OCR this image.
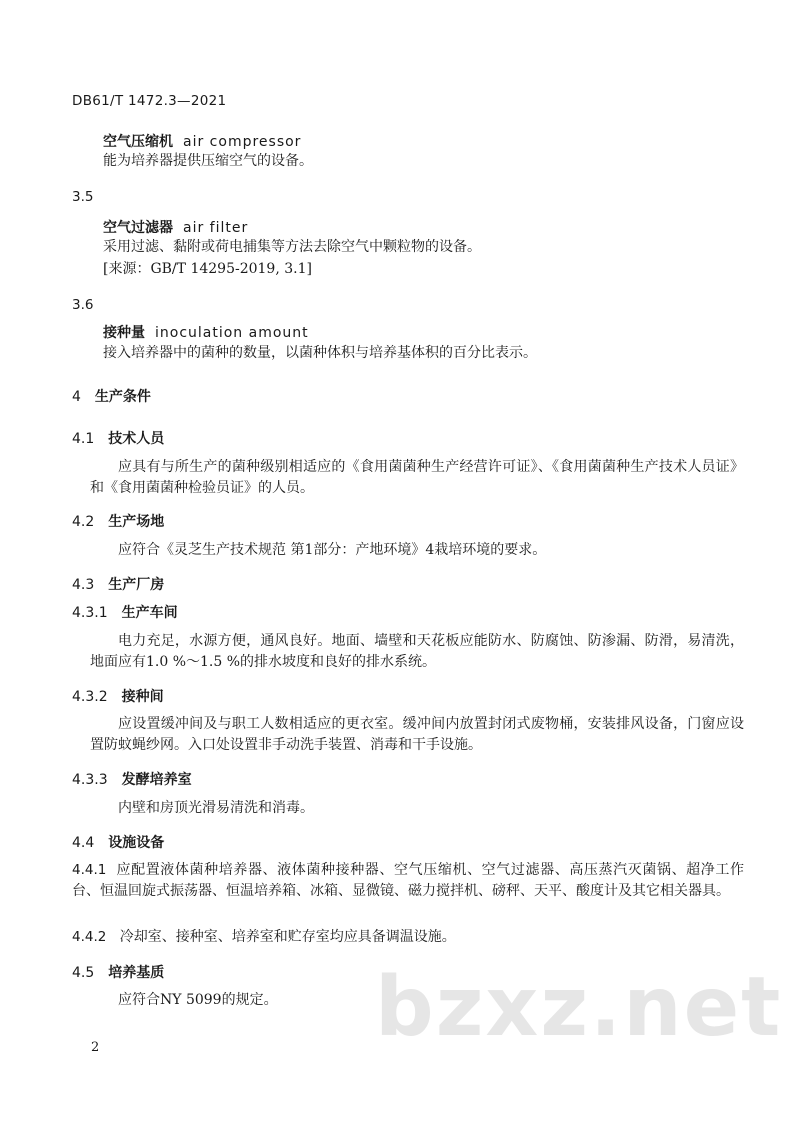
DB61/T 1472.3—2021
空气压缩机 air compressor
能为培养器提供压缩空气的设备。
3.5
空气过滤器 air filter
采用过滤、黏附或荷电捕集等方法去除空气中颗粒物的设备。
[来源：GB/T 14295-2019, 3.1]
3.6
接种量 inoculation amount
接入培养器中的菌种的数量，以菌种体积与培养基体积的百分比表示。
4 生产条件
4.1 技术人员
应具有与所生产的菌种级别相适应的《食用菌菌种生产经营许可证》、《食用菌菌种生产技术人员证》和《食用菌菌种检验员证》的人员。
4.2 生产场地
应符合《灵芝生产技术规范 第1部分：产地环境》4栽培环境的要求。
4.3 生产厂房
4.3.1 生产车间
电力充足，水源方便，通风良好。地面、墙壁和天花板应能防水、防腐蚀、防渗漏、防滑，易清洗，地面应有1.0 %～1.5 %的排水坡度和良好的排水系统。
4.3.2 接种间
应设置缓冲间及与职工人数相适应的更衣室。缓冲间内放置封闭式废物桶，安装排风设备，门窗应设置防蚊蝇纱网。入口处设置非手动洗手装置、消毒和干手设施。
4.3.3 发酵培养室
内壁和房顶光滑易清洗和消毒。
4.4 设施设备
4.4.1 应配置液体菌种培养器、液体菌种接种器、空气压缩机、空气过滤器、高压蒸汽灭菌锅、超净工作台、恒温回旋式振荡器、恒温培养箱、冰箱、显微镜、磁力搅拌机、磅秤、天平、酸度计及其它相关器具。
4.4.2 冷却室、接种室、培养室和贮存室均应具备调温设施。
4.5 培养基质
应符合NY 5099的规定。	bzxz.net
2
